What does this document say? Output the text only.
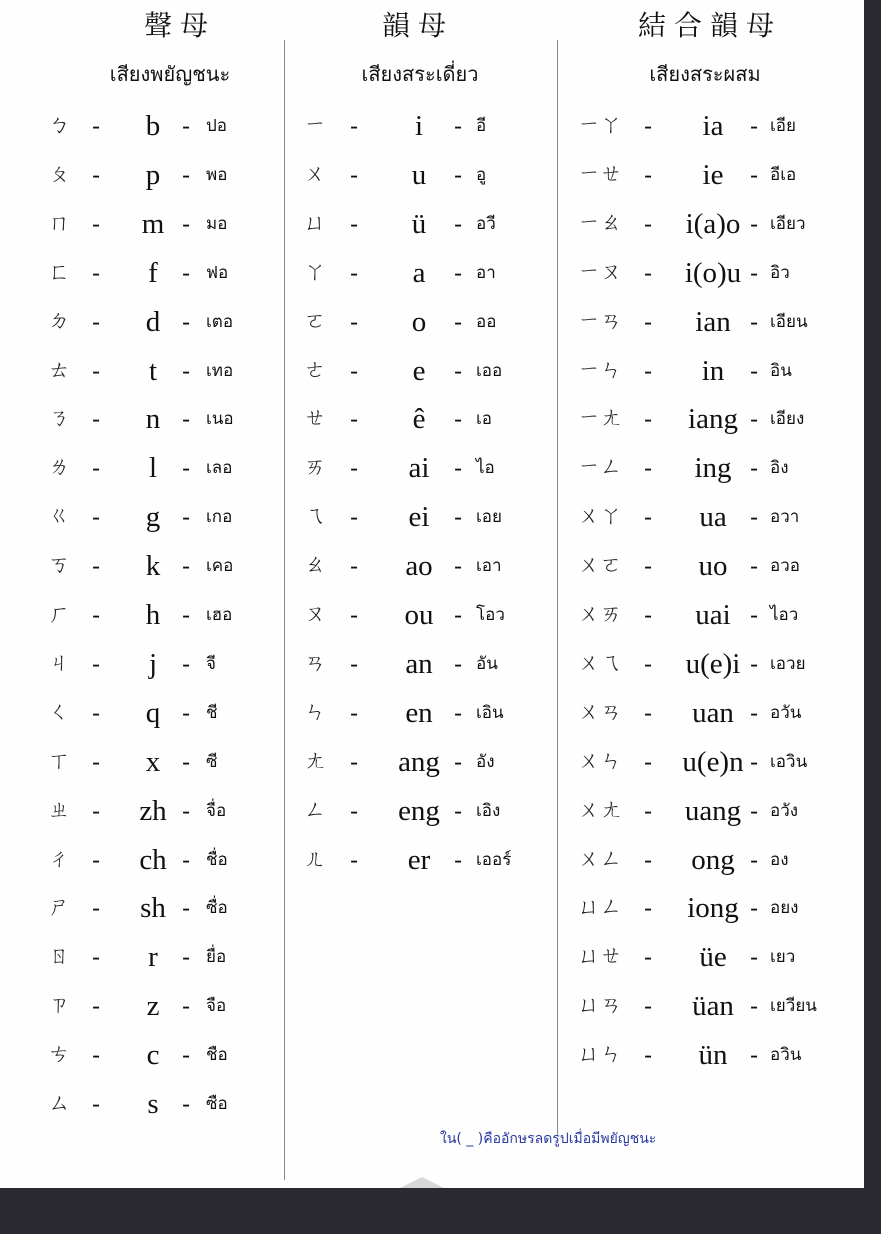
聲母	韻母	結合韻母
เสียงพยัญชนะ	เสียงสระเดี่ยว	เสียงสระผสม
ㄅ -	b - ปอ
ㄆ -	p - พอ
ㄇ -	m - มอ
ㄈ -	f	- ฟอ
ㄉ -	d - เตอ
ㄊ -	t	- เทอ
ㄋ -	n - เนอ
ㄌ -	l	- เลอ
ㄍ -	g - เกอ
ㄎ -	k - เคอ
ㄏ -	h - เฮอ
ㄐ -	j	- จี
ㄑ -	q - ชี
ㄒ -	x - ซี
ㄓ -	zh - จื่อ
ㄔ -	ch - ชื่อ
ㄕ -	sh - ซื่อ
ㄖ -	r	- ยื่อ
ㄗ -	z - จือ
ㄘ -	c - ชือ
ㄙ -	s - ซือ
ㄧ -	i	- อี
ㄨ -	u	- อู
ㄩ -	ü	- อวี
ㄚ -	a	- อา
ㄛ -	o	- ออ
ㄜ -	e	- เออ
ㄝ -	ê	- เอ
ㄞ -	ai	- ไอ
ㄟ -	ei	- เอย
ㄠ -	ao - เอา
ㄡ -	ou - โอว
ㄢ -	an - อัน
ㄣ -	en - เอิน
ㄤ -	ang - อัง
ㄥ -	eng - เอิง
ㄦ -	er - เออร์
ㄧㄚ -	ia	- เอีย
ㄧㄝ -	ie	- อีเอ
ㄧㄠ - i(a)o - เอียว
ㄧㄡ - i(o)u - อิว
ㄧㄢ -	ian - เอียน
ㄧㄣ -	in	- อิน
ㄧㄤ -	iang - เอียง
ㄧㄥ -	ing - อิง
ㄨㄚ -	ua - อวา
ㄨㄛ -	uo - อวอ
ㄨㄞ -	uai - ไอว
ㄨㄟ - u(e)i - เอวย
ㄨㄢ -	uan - อวัน
ㄨㄣ - u(e)n - เอวิน
ㄨㄤ - uang - อวัง
ㄨㄥ -	ong - อง
ㄩㄥ -	iong - อยง
ㄩㄝ -	üe - เยว
ㄩㄢ -	üan - เยวียน
ㄩㄣ -	ün - อวิน
ใน( _ )คืออักษรลดรูปเมื่อมีพยัญชนะ
